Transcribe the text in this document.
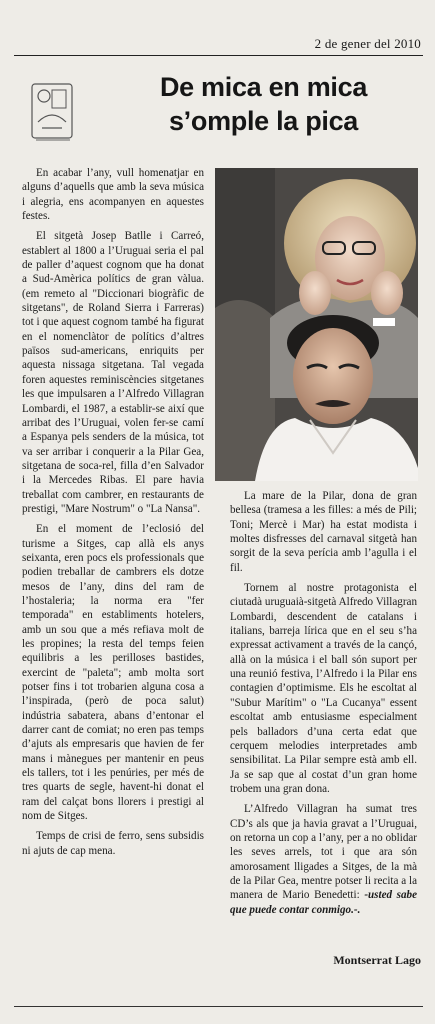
2 de gener del 2010
De mica en mica
s’omple la pica

En acabar l’any, vull homenatjar en alguns d’aquells que amb la seva música i alegria, ens acompanyen en aquestes festes.

El sitgetà Josep Batlle i Carreó, establert al 1800 a l’Uruguai seria el pal de paller d’aquest cognom que ha donat a Sud-Amèrica polítics de gran vàlua. (em remeto al "Diccionari biogràfic de sitgetans", de Roland Sierra i Farreras) tot i que aquest cognom també ha figurat en el nomenclàtor de polítics d’altres països sud-americans, enriquits per aquesta nissaga sitgetana. Tal vegada foren aquestes reminiscències sitgetanes les que impulsaren a l’Alfredo Villagran Lombardi, el 1987, a establir-se així que arribat des l’Uruguai, volen fer-se camí a Espanya pels senders de la música, tot va ser arribar i conquerir a la Pilar Gea, sitgetana de soca-rel, filla d’en Salvador i la Mercedes Ribas. El pare havia treballat com cambrer, en restaurants de prestigi, "Mare Nostrum" o "La Nansa".

En el moment de l’eclosió del turisme a Sitges, cap allà els anys seixanta, eren pocs els professionals que podien treballar de cambrers els dotze mesos de l’any, dins del ram de l’hostaleria; la norma era "fer temporada" en establiments hotelers, amb un sou que a més refiava molt de les propines; la resta del temps feien equilibris a les perilloses bastides, exercint de "paleta"; amb molta sort potser fins i tot trobarien alguna cosa a l’inspirada, (però de poca salut) indústria sabatera, abans d’entonar el darrer cant de comiat; no eren pas temps d’ajuts als empresaris que havien de fer mans i mànegues per mantenir en peus els tallers, tot i les penúries, per més de tres quarts de segle, havent-hi donat el ram del calçat bons llorers i prestigi al nom de Sitges.

Temps de crisi de ferro, sens subsidis ni ajuts de cap mena.

La mare de la Pilar, dona de gran bellesa (tramesa a les filles: a més de Pili; Toni; Mercè i Mar) ha estat modista i moltes disfresses del carnaval sitgetà han sorgit de la seva perícia amb l’agulla i el fil.

Tornem al nostre protagonista el ciutadà uruguaià-sitgetà Alfredo Villagran Lombardi, descendent de catalans i italians, barreja lírica que en el seu s’ha expressat activament a través de la cançó, allà on la música i el ball són suport per una reunió festiva, l’Alfredo i la Pilar ens contagien d’optimisme. Els he escoltat al "Subur Marítim" o "La Cucanya" essent escoltat amb entusiasme especialment pels balladors d’una certa edat que cerquem melodies interpretades amb sensibilitat. La Pilar sempre està amb ell. Ja se sap que al costat d’un gran home trobem una gran dona.

L’Alfredo Villagran ha sumat tres CD’s als que ja havia gravat a l’Uruguai, on retorna un cop a l’any, per a no oblidar les seves arrels, tot i que ara són amorosament lligades a Sitges, de la mà de la Pilar Gea, mentre potser li recita a la manera de Mario Benedetti: -usted sabe que puede contar conmigo.-.

Montserrat Lago
